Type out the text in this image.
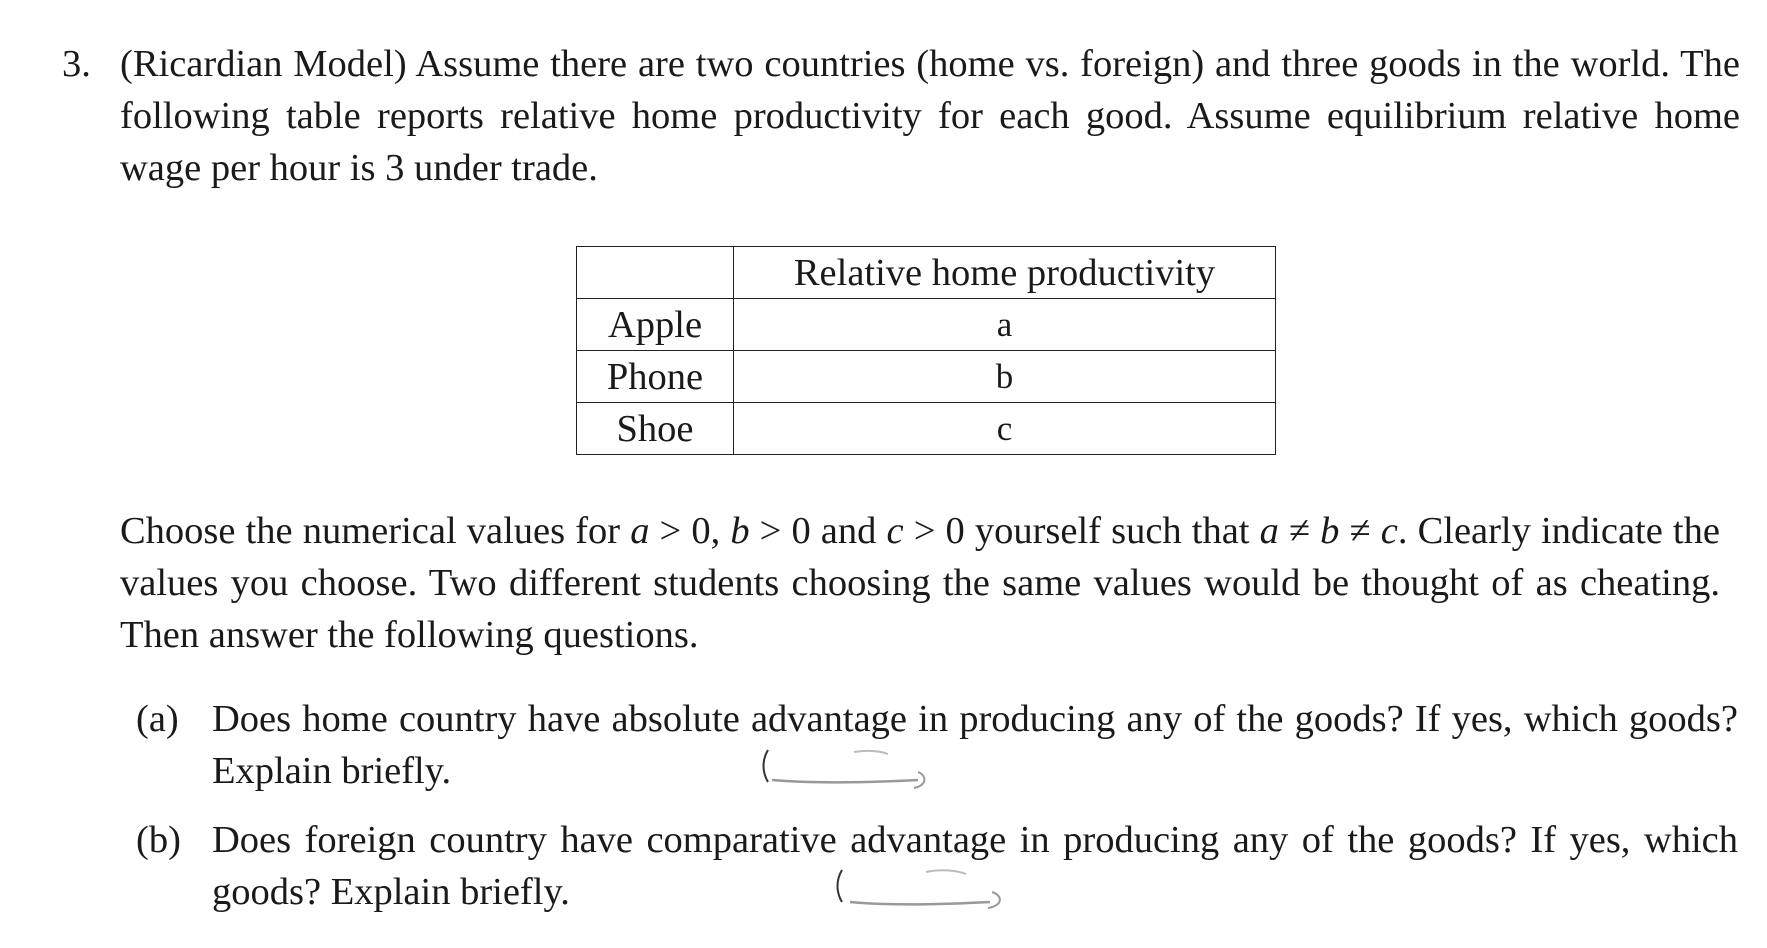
3. (Ricardian Model) Assume there are two countries (home vs. foreign) and three goods in the world. The following table reports relative home productivity for each good. Assume equilibrium relative home wage per hour is 3 under trade.
	Relative home productivity
Apple	a
Phone	b
Shoe	c
Choose the numerical values for a > 0, b > 0 and c > 0 yourself such that a ≠ b ≠ c. Clearly indicate the values you choose. Two different students choosing the same values would be thought of as cheating. Then answer the following questions.
(a) Does home country have absolute advantage in producing any of the goods? If yes, which goods? Explain briefly.
(b) Does foreign country have comparative advantage in producing any of the goods? If yes, which goods? Explain briefly.
